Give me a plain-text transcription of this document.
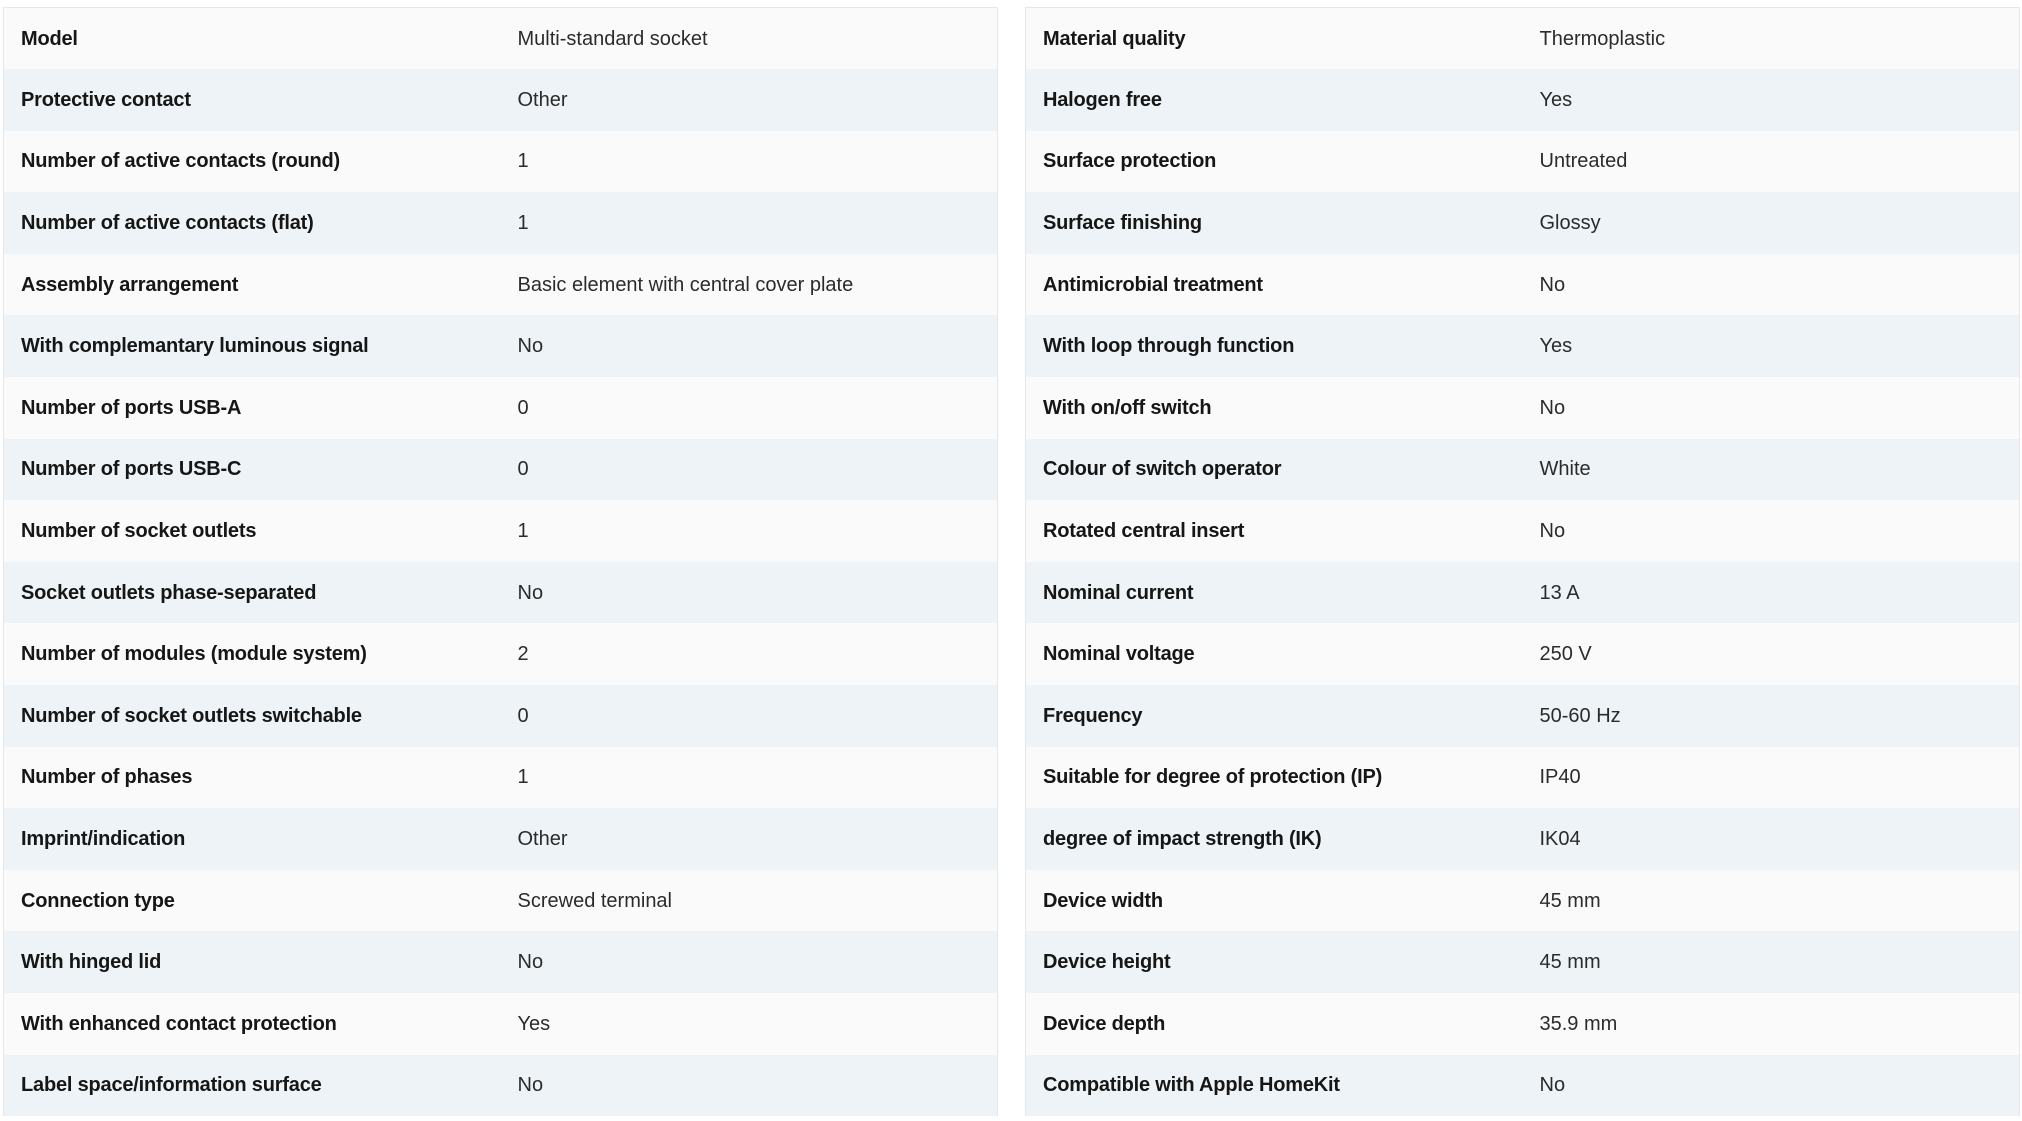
Model	Multi-standard socket
Protective contact	Other
Number of active contacts (round)	1
Number of active contacts (flat)	1
Assembly arrangement	Basic element with central cover plate
With complemantary luminous signal	No
Number of ports USB-A	0
Number of ports USB-C	0
Number of socket outlets	1
Socket outlets phase-separated	No
Number of modules (module system)	2
Number of socket outlets switchable	0
Number of phases	1
Imprint/indication	Other
Connection type	Screwed terminal
With hinged lid	No
With enhanced contact protection	Yes
Label space/information surface	No
Material quality	Thermoplastic
Halogen free	Yes
Surface protection	Untreated
Surface finishing	Glossy
Antimicrobial treatment	No
With loop through function	Yes
With on/off switch	No
Colour of switch operator	White
Rotated central insert	No
Nominal current	13 A
Nominal voltage	250 V
Frequency	50-60 Hz
Suitable for degree of protection (IP)	IP40
degree of impact strength (IK)	IK04
Device width	45 mm
Device height	45 mm
Device depth	35.9 mm
Compatible with Apple HomeKit	No
